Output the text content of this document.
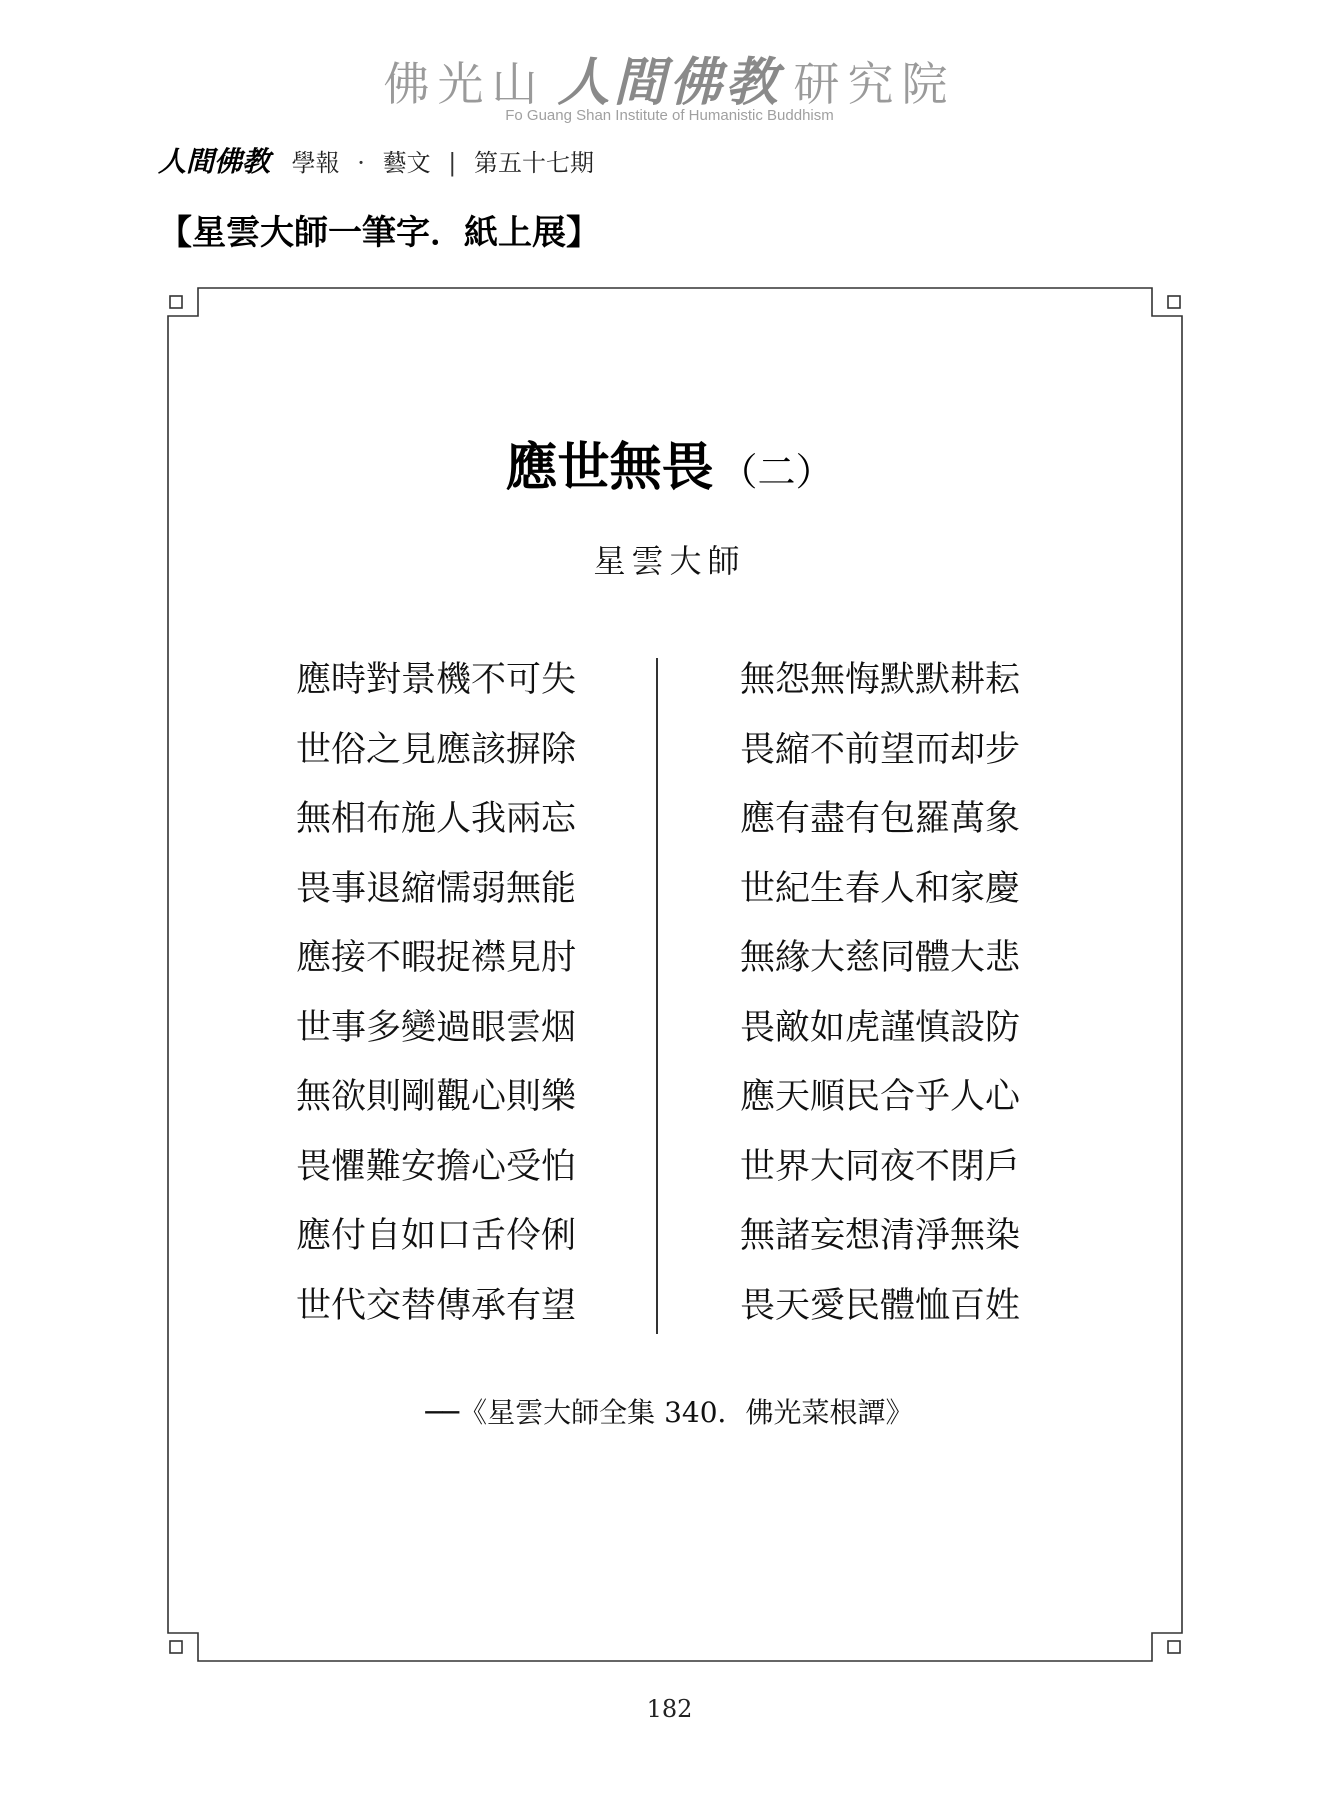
佛光山 人間佛教 研究院
Fo Guang Shan Institute of Humanistic Buddhism
人間佛教 學報 · 藝文 | 第五十七期
【星雲大師一筆字．紙上展】
應世無畏 （二）
星雲大師
應時對景機不可失
世俗之見應該摒除
無相布施人我兩忘
畏事退縮懦弱無能
應接不暇捉襟見肘
世事多變過眼雲烟
無欲則剛觀心則樂
畏懼難安擔心受怕
應付自如口舌伶俐
世代交替傳承有望
無怨無悔默默耕耘
畏縮不前望而却步
應有盡有包羅萬象
世紀生春人和家慶
無緣大慈同體大悲
畏敵如虎謹慎設防
應天順民合乎人心
世界大同夜不閉戶
無諸妄想清淨無染
畏天愛民體恤百姓
──《星雲大師全集 340．佛光菜根譚》
182
